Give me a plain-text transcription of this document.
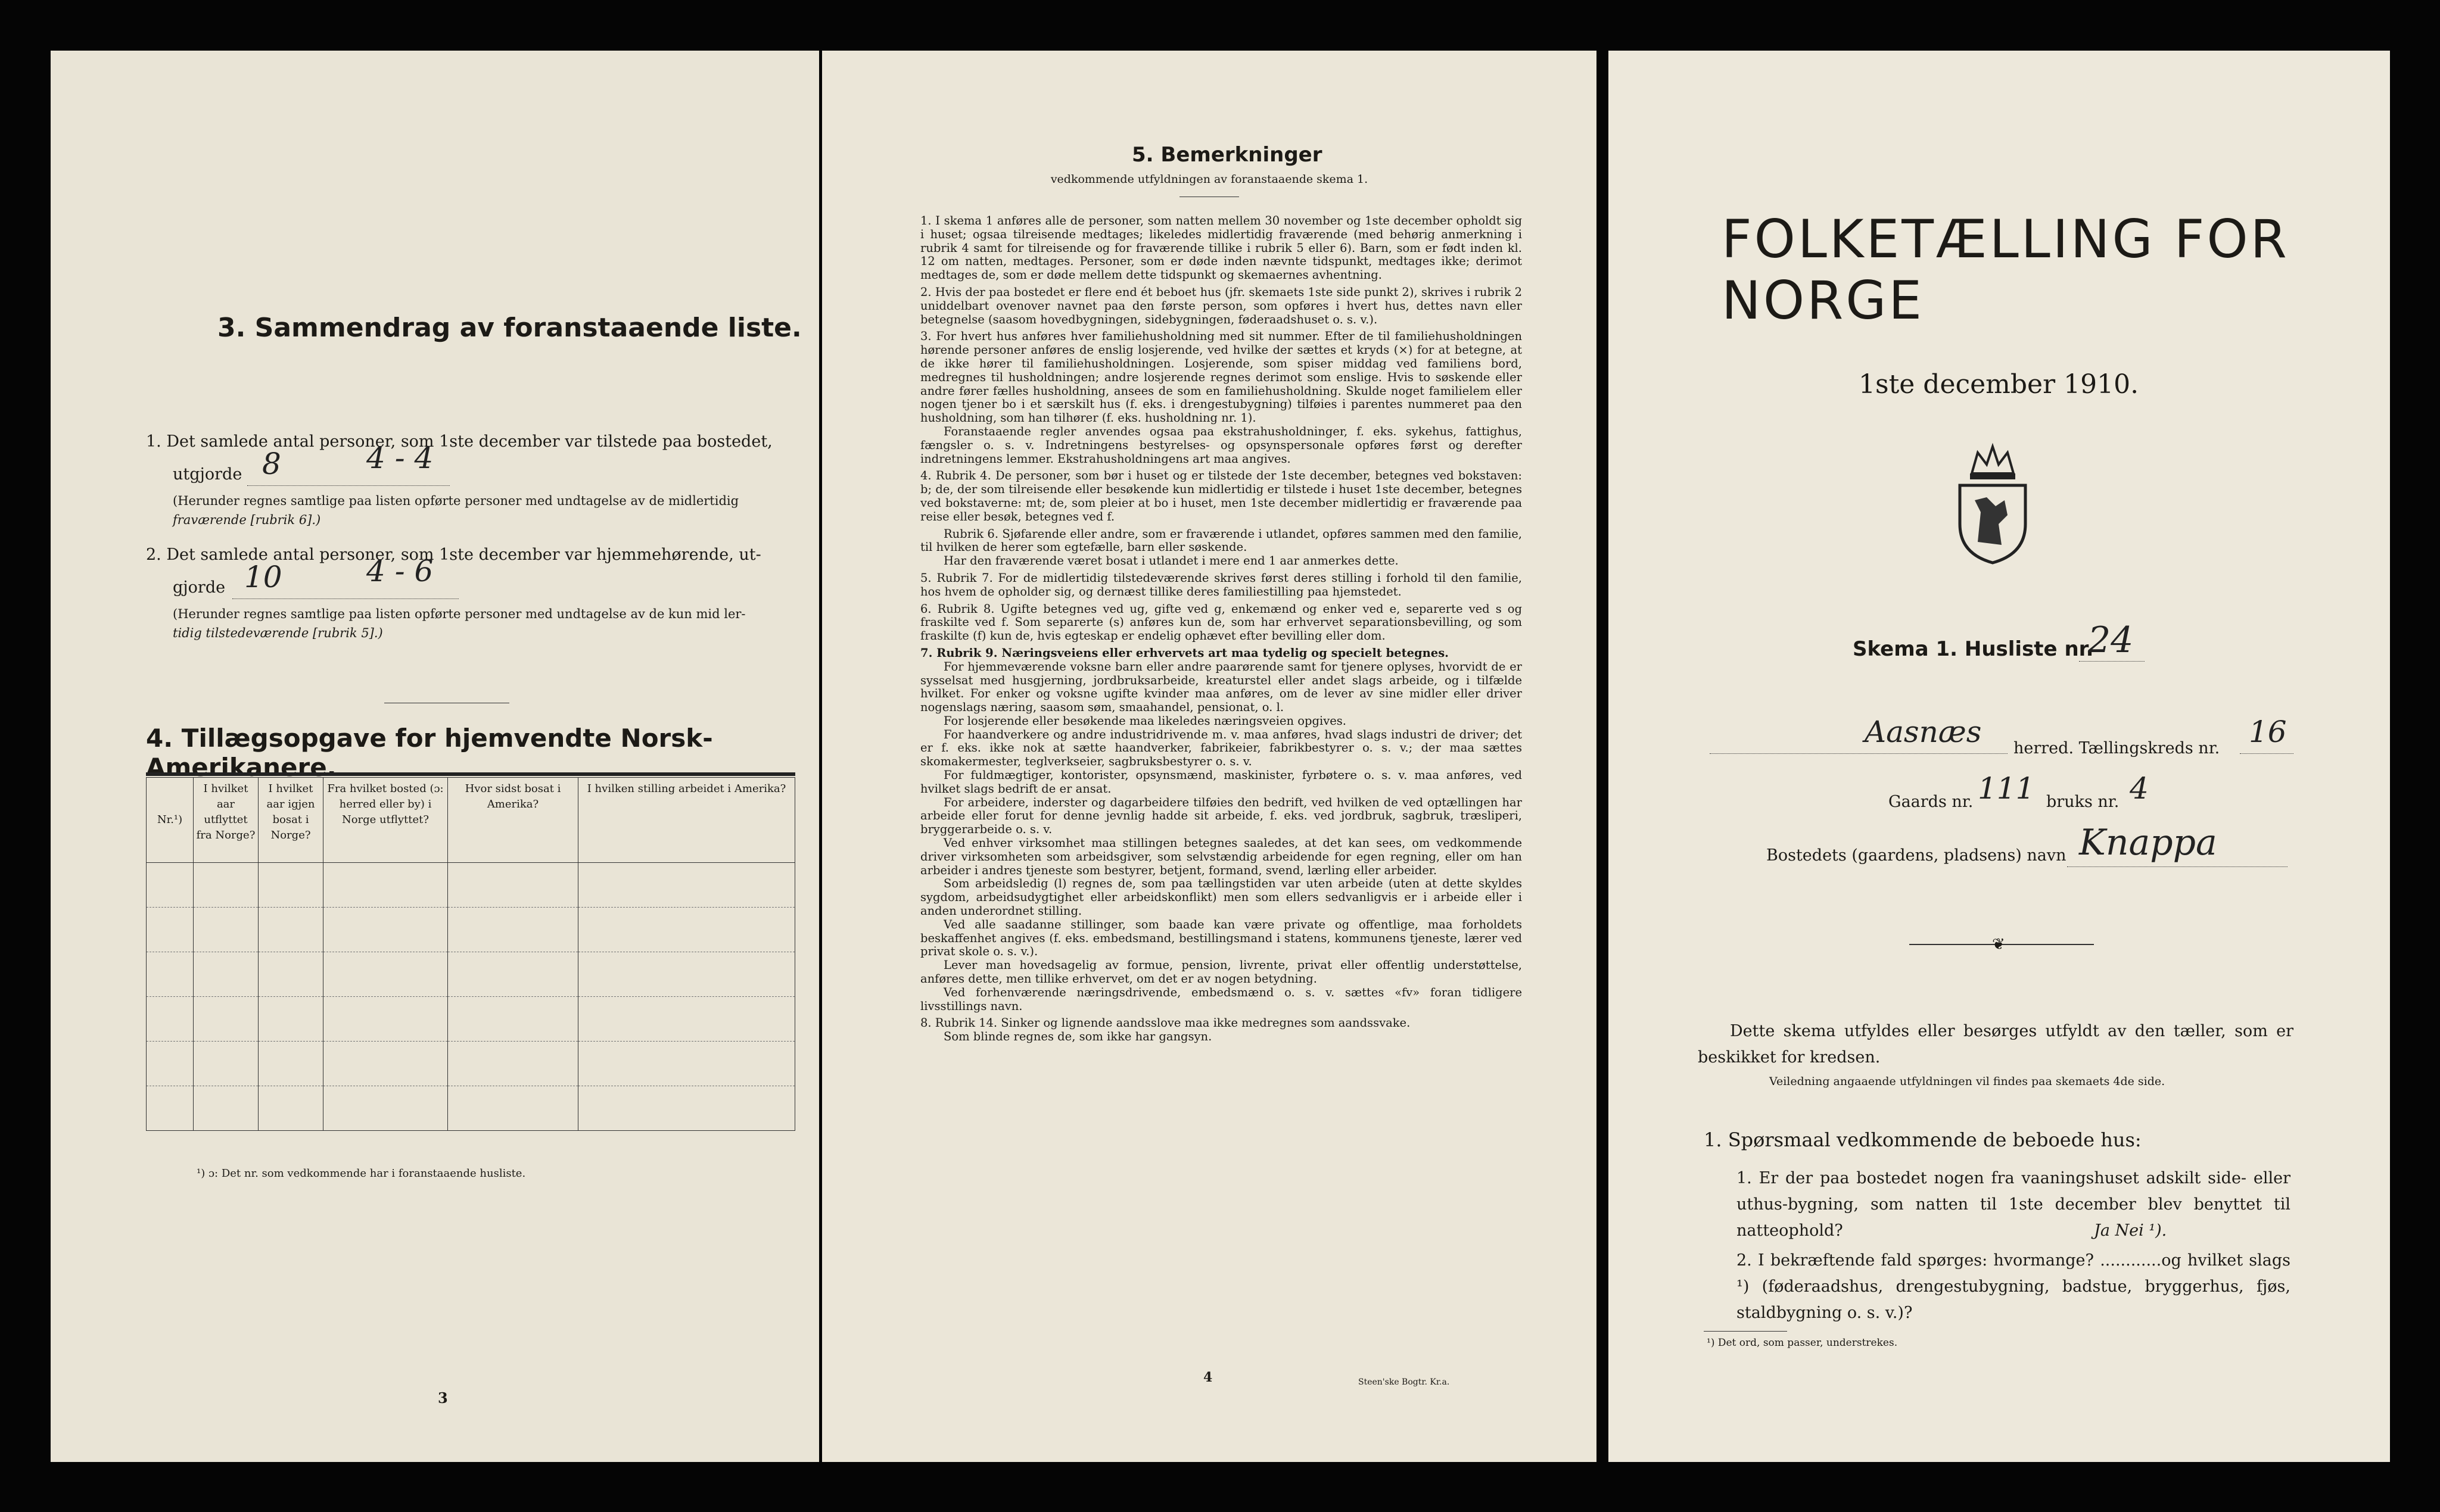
3. Sammendrag av foranstaaende liste.
1. Det samlede antal personer, som 1ste december var tilstede paa bostedet,
utgjorde 8	4 - 4
(Herunder regnes samtlige paa listen opførte personer med undtagelse av de midlertidig
fraværende [rubrik 6].)
2. Det samlede antal personer, som 1ste december var hjemmehørende, ut-
gjorde 10	4 - 6
(Herunder regnes samtlige paa listen opførte personer med undtagelse av de kun mid ler-
tidig tilstedeværende [rubrik 5].)
4. Tillægsopgave for hjemvendte Norsk-Amerikanere.
Nr.¹)	I hvilket aar utflyttet fra Norge?	I hvilket aar igjen bosat i Norge?	Fra hvilket bosted (ɔ: herred eller by) i Norge utflyttet?	Hvor sidst bosat i Amerika?	I hvilken stilling arbeidet i Amerika?

¹) ɔ: Det nr. som vedkommende har i foranstaaende husliste.
3
5. Bemerkninger
vedkommende utfyldningen av foranstaaende skema 1.

1. I skema 1 anføres alle de personer, som natten mellem 30 november og 1ste december opholdt sig i huset; ogsaa tilreisende medtages; likeledes midlertidig fraværende (med behørig anmerkning i rubrik 4 samt for tilreisende og for fraværende tillike i rubrik 5 eller 6). Barn, som er født inden kl. 12 om natten, medtages. Personer, som er døde inden nævnte tidspunkt, medtages ikke; derimot medtages de, som er døde mellem dette tidspunkt og skemaernes avhentning.

2. Hvis der paa bostedet er flere end ét beboet hus (jfr. skemaets 1ste side punkt 2), skrives i rubrik 2 uniddelbart ovenover navnet paa den første person, som opføres i hvert hus, dettes navn eller betegnelse (saasom hovedbygningen, sidebygningen, føderaadshuset o. s. v.).

3. For hvert hus anføres hver familiehusholdning med sit nummer. Efter de til familiehusholdningen hørende personer anføres de enslig losjerende, ved hvilke der sættes et kryds (×) for at betegne, at de ikke hører til familiehusholdningen. Losjerende, som spiser middag ved familiens bord, medregnes til husholdningen; andre losjerende regnes derimot som enslige. Hvis to søskende eller andre fører fælles husholdning, ansees de som en familiehusholdning. Skulde noget familielem eller nogen tjener bo i et særskilt hus (f. eks. i drengestubygning) tilføies i parentes nummeret paa den husholdning, som han tilhører (f. eks. husholdning nr. 1).

Foranstaaende regler anvendes ogsaa paa ekstrahusholdninger, f. eks. sykehus, fattighus, fængsler o. s. v. Indretningens bestyrelses- og opsynspersonale opføres først og derefter indretningens lemmer. Ekstrahusholdningens art maa angives.

4. Rubrik 4. De personer, som bør i huset og er tilstede der 1ste december, betegnes ved bokstaven: b; de, der som tilreisende eller besøkende kun midlertidig er tilstede i huset 1ste december, betegnes ved bokstaverne: mt; de, som pleier at bo i huset, men 1ste december midlertidig er fraværende paa reise eller besøk, betegnes ved f.

Rubrik 6. Sjøfarende eller andre, som er fraværende i utlandet, opføres sammen med den familie, til hvilken de herer som egtefælle, barn eller søskende.

Har den fraværende været bosat i utlandet i mere end 1 aar anmerkes dette.

5. Rubrik 7. For de midlertidig tilstedeværende skrives først deres stilling i forhold til den familie, hos hvem de opholder sig, og dernæst tillike deres familiestilling paa hjemstedet.

6. Rubrik 8. Ugifte betegnes ved ug, gifte ved g, enkemænd og enker ved e, separerte ved s og fraskilte ved f. Som separerte (s) anføres kun de, som har erhvervet separationsbevilling, og som fraskilte (f) kun de, hvis egteskap er endelig ophævet efter bevilling eller dom.

7. Rubrik 9. Næringsveiens eller erhvervets art maa tydelig og specielt betegnes.

For hjemmeværende voksne barn eller andre paarørende samt for tjenere oplyses, hvorvidt de er sysselsat med husgjerning, jordbruksarbeide, kreaturstel eller andet slags arbeide, og i tilfælde hvilket. For enker og voksne ugifte kvinder maa anføres, om de lever av sine midler eller driver nogenslags næring, saasom søm, smaahandel, pensionat, o. l.

For losjerende eller besøkende maa likeledes næringsveien opgives.

For haandverkere og andre industridrivende m. v. maa anføres, hvad slags industri de driver; det er f. eks. ikke nok at sætte haandverker, fabrikeier, fabrikbestyrer o. s. v.; der maa sættes skomakermester, teglverkseier, sagbruksbestyrer o. s. v.

For fuldmægtiger, kontorister, opsynsmænd, maskinister, fyrbøtere o. s. v. maa anføres, ved hvilket slags bedrift de er ansat.

For arbeidere, inderster og dagarbeidere tilføies den bedrift, ved hvilken de ved optællingen har arbeide eller forut for denne jevnlig hadde sit arbeide, f. eks. ved jordbruk, sagbruk, træsliperi, bryggerarbeide o. s. v.

Ved enhver virksomhet maa stillingen betegnes saaledes, at det kan sees, om vedkommende driver virksomheten som arbeidsgiver, som selvstændig arbeidende for egen regning, eller om han arbeider i andres tjeneste som bestyrer, betjent, formand, svend, lærling eller arbeider.

Som arbeidsledig (l) regnes de, som paa tællingstiden var uten arbeide (uten at dette skyldes sygdom, arbeidsudygtighet eller arbeidskonflikt) men som ellers sedvanligvis er i arbeide eller i anden underordnet stilling.

Ved alle saadanne stillinger, som baade kan være private og offentlige, maa forholdets beskaffenhet angives (f. eks. embedsmand, bestillingsmand i statens, kommunens tjeneste, lærer ved privat skole o. s. v.).

Lever man hovedsagelig av formue, pension, livrente, privat eller offentlig understøttelse, anføres dette, men tillike erhvervet, om det er av nogen betydning.

Ved forhenværende næringsdrivende, embedsmænd o. s. v. sættes «fv» foran tidligere livsstillings navn.

8. Rubrik 14. Sinker og lignende aandsslove maa ikke medregnes som aandssvake.

Som blinde regnes de, som ikke har gangsyn.

4	Steen'ske Bogtr. Kr.a.
FOLKETÆLLING FOR NORGE
1ste december 1910.
Skema 1. Husliste nr.
24
Aasnæs herred. Tællingskreds nr. 16
Gaards nr. 111 bruks nr. 4
Bostedets (gaardens, pladsens) navn Knappa
❦
Dette skema utfyldes eller besørges utfyldt av den tæller, som er beskikket for kredsen.
Veiledning angaaende utfyldningen vil findes paa skemaets 4de side.
1. Spørsmaal vedkommende de beboede hus:
1. Er der paa bostedet nogen fra vaaningshuset adskilt side- eller uthus-bygning, som natten til 1ste december blev benyttet til natteophold?	Ja Nei ¹).
2. I bekræftende fald spørges: hvormange? ............og hvilket slags ¹) (føderaadshus, drengestubygning, badstue, bryggerhus, fjøs, staldbygning o. s. v.)?
¹) Det ord, som passer, understrekes.
